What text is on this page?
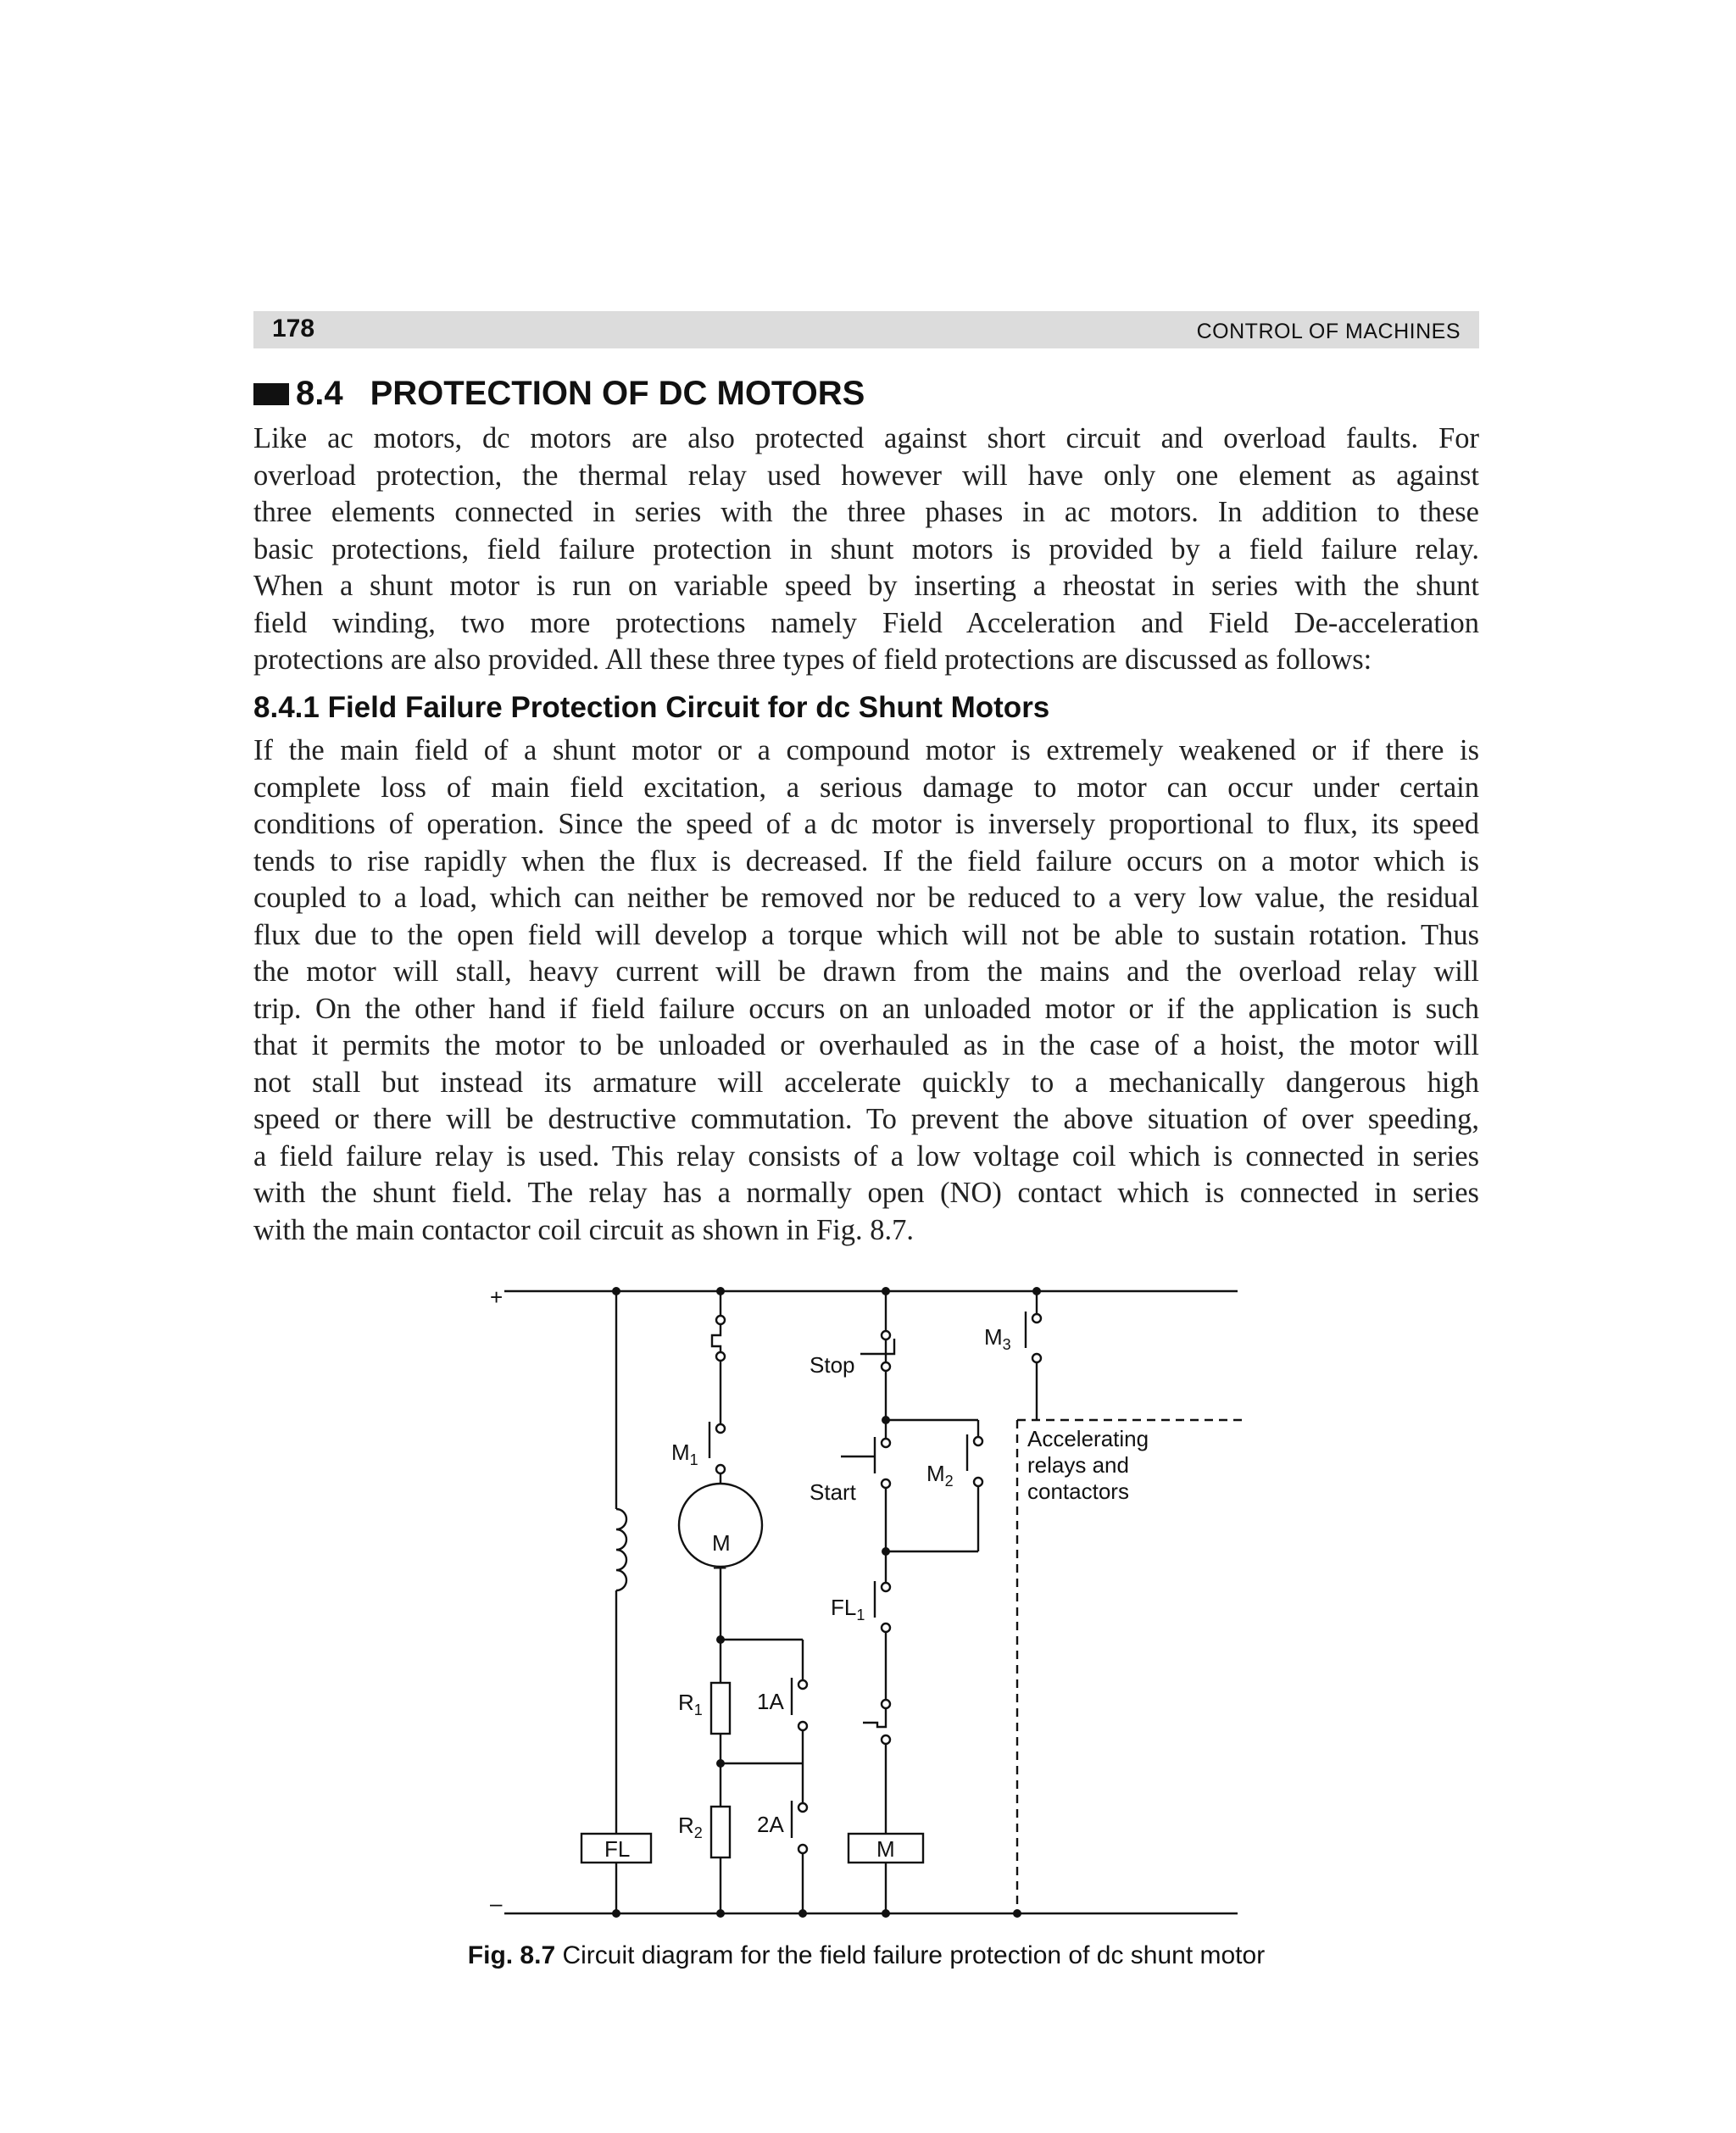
178	CONTROL OF MACHINES
8.4 PROTECTION OF DC MOTORS

Like ac motors, dc motors are also protected against short circuit and overload faults. For
overload protection, the thermal relay used however will have only one element as against
three elements connected in series with the three phases in ac motors. In addition to these
basic protections, field failure protection in shunt motors is provided by a field failure relay.
When a shunt motor is run on variable speed by inserting a rheostat in series with the shunt
field winding, two more protections namely Field Acceleration and Field De-acceleration
protections are also provided. All these three types of field protections are discussed as follows:

8.4.1 Field Failure Protection Circuit for dc Shunt Motors

If the main field of a shunt motor or a compound motor is extremely weakened or if there is
complete loss of main field excitation, a serious damage to motor can occur under certain
conditions of operation. Since the speed of a dc motor is inversely proportional to flux, its speed
tends to rise rapidly when the flux is decreased. If the field failure occurs on a motor which is
coupled to a load, which can neither be removed nor be reduced to a very low value, the residual
flux due to the open field will develop a torque which will not be able to sustain rotation. Thus
the motor will stall, heavy current will be drawn from the mains and the overload relay will
trip. On the other hand if field failure occurs on an unloaded motor or if the application is such
that it permits the motor to be unloaded or overhauled as in the case of a hoist, the motor will
not stall but instead its armature will accelerate quickly to a mechanically dangerous high
speed or there will be destructive commutation. To prevent the above situation of over speeding,
a field failure relay is used. This relay consists of a low voltage coil which is connected in series
with the shunt field. The relay has a normally open (NO) contact which is connected in series
with the main contactor coil circuit as shown in Fig. 8.7.

+
–
Stop
Start
$M_1$
$M_2$
$M_3$
M
–
$FL_1$
$R_1$
$R_2$
1A
2A
FL	M
Accelerating
relays and
contactors
Fig. 8.7 Circuit diagram for the field failure protection of dc shunt motor
